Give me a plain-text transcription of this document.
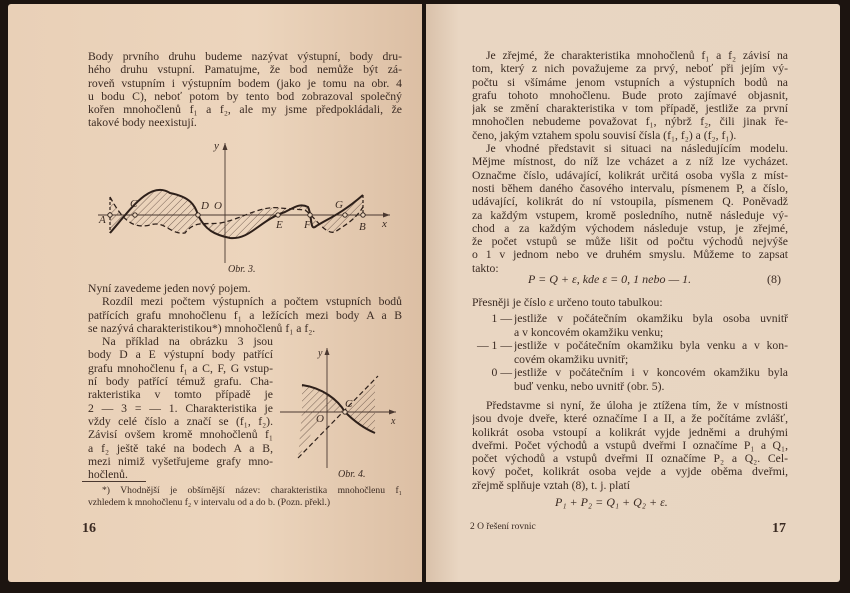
Body prvního druhu budeme nazývat výstupní, body dru-
hého druhu vstupní. Pamatujme, že bod nemůže být zá-
roveň vstupním i výstupním bodem (jako je tomu na obr. 4
u bodu C), neboť potom by tento bod zobrazoval společný
kořen mnohočlenů f₁ a f₂, ale my jsme předpokládali, že
takové body neexistují.
y
A
C	D O
E F
G
B x
Obr. 3.
Nyní zavedeme jeden nový pojem.
Rozdíl mezi počtem výstupních a počtem vstupních bodů
patřících grafu mnohočlenu f₁ a ležících mezi body A a B
se nazývá charakteristikou*) mnohočlenů f₁ a f₂.
Na příklad na obrázku 3 jsou
body D a E výstupní body patřící
grafu mnohočlenu f₁ a C, F, G vstup-
ní body patřící témuž grafu. Cha-
rakteristika v tomto případě je
2 — 3 = — 1. Charakteristika je
vždy celé číslo a značí se (f₁, f₂).
Závisí ovšem kromě mnohočlenů f₁
a f₂ ještě také na bodech A a B,
mezi nimiž vyšetřujeme grafy mno-
hočlenů.
y
C
O	x
Obr. 4.
*) Vhodnější je obšírnější název: charakteristika mnohočlenu f₁
vzhledem k mnohočlenu f₂ v intervalu od a do b. (Pozn. překl.)
16
Je zřejmé, že charakteristika mnohočlenů f₁ a f₂ závisí na
tom, který z nich považujeme za prvý, neboť při jejím vý-
počtu si všímáme jenom vstupních a výstupních bodů na
grafu tohoto mnohočlenu. Bude proto zajímavé objasnit,
jak se změní charakteristika v tom případě, jestliže za první
mnohočlen nebudeme považovat f₁, nýbrž f₂, čili jinak ře-
čeno, jakým vztahem spolu souvisí čísla (f₁, f₂) a (f₂, f₁).
Je vhodné představit si situaci na následujícím modelu.
Mějme místnost, do níž lze vcházet a z níž lze vycházet.
Označme číslo, udávající, kolikrát určitá osoba vyšla z míst-
nosti během daného časového intervalu, písmenem P, a číslo,
udávající, kolikrát do ní vstoupila, písmenem Q. Poněvadž
za každým vstupem, kromě posledního, nutně následuje vý-
chod a za každým východem následuje vstup, je zřejmé,
že počet vstupů se může lišit od počtu východů nejvýše
o 1 v jednom nebo ve druhém smyslu. Můžeme to zapsat
takto:
P = Q + ε, kde ε = 0, 1 nebo — 1.	(8)
Přesněji je číslo ε určeno touto tabulkou:
1 — jestliže v počátečním okamžiku byla osoba uvnitř
a v koncovém okamžiku venku;
— 1 — jestliže v počátečním okamžiku byla venku a v kon-
covém okamžiku uvnitř;
0 — jestliže v počátečním i v koncovém okamžiku byla
buď venku, nebo uvnitř (obr. 5).
Představme si nyní, že úloha je ztížena tím, že v místnosti
jsou dvoje dveře, které označíme I a II, a že počítáme zvlášť,
kolikrát osoba vstoupí a kolikrát vyjde jedněmi a druhými
dveřmi. Počet východů a vstupů dveřmi I označíme P₁ a Q₁,
počet východů a vstupů dveřmi II označíme P₂ a Q₂. Cel-
kový počet, kolikrát osoba vejde a vyjde oběma dveřmi,
zřejmě splňuje vztah (8), t. j. platí
P₁ + P₂ = Q₁ + Q₂ + ε.
2 O řešení rovnic	17
